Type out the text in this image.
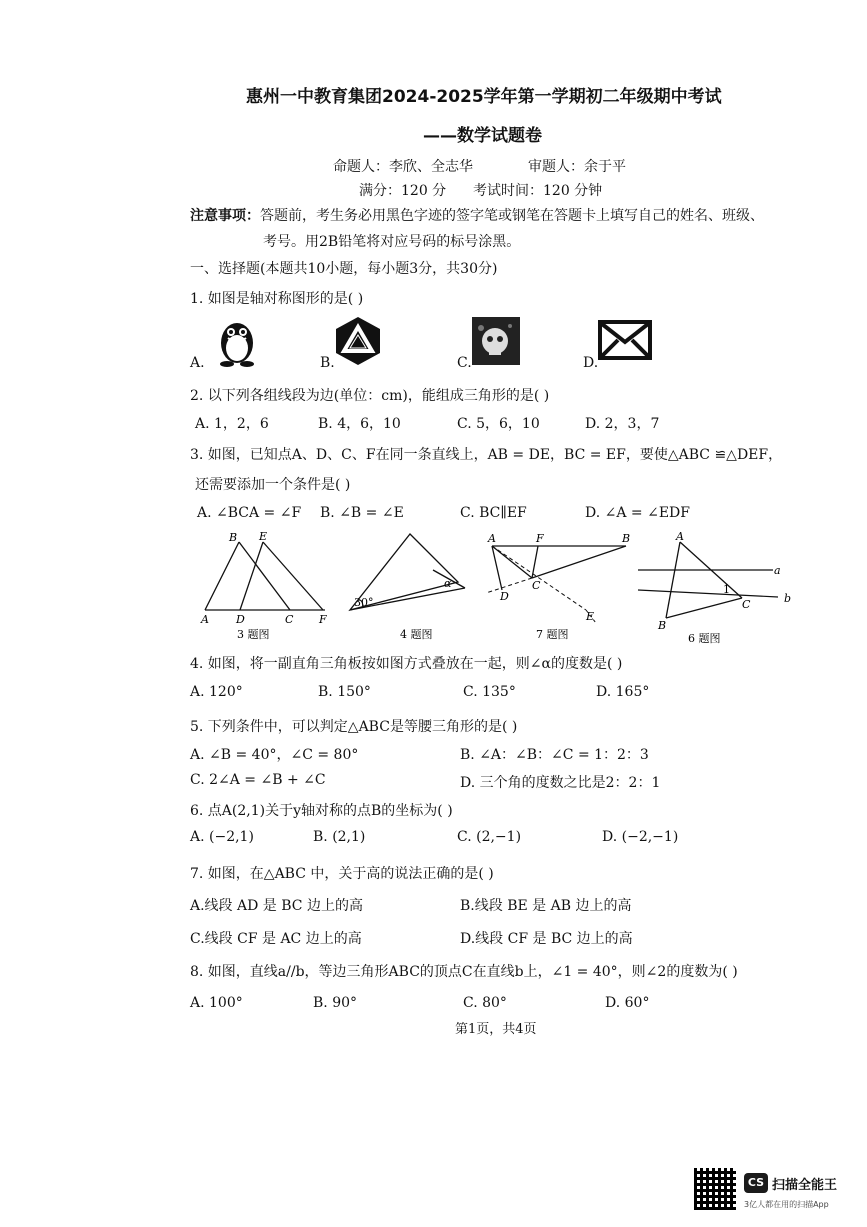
惠州一中教育集团2024-2025学年第一学期初二年级期中考试
——数学试题卷
命题人：李欣、全志华	审题人：余于平
满分：120 分 考试时间：120 分钟
注意事项： 答题前，考生务必用黑色字迹的签字笔或钢笔在答题卡上填写自己的姓名、班级、
考号。用2B铅笔将对应号码的标号涂黑。
一、选择题(本题共10小题，每小题3分，共30分)
1. 如图是轴对称图形的是( )
A.	B.	C.	D.
2. 以下列各组线段为边(单位：cm)，能组成三角形的是( )
A. 1，2，6	B. 4，6，10	C. 5，6，10	D. 2，3，7
3. 如图，已知点A、D、C、F在同一条直线上，AB = DE，BC = EF，要使△ABC ≌△DEF，
还需要添加一个条件是( )
A. ∠BCA = ∠F B. ∠B = ∠E	C. BC∥EF	D. ∠A = ∠EDF
A D	C F
B E
3 题图
30°
α
4 题图
A	F	B
C
D
E
7 题图
A
a
1
C	b
B
6 题图
4. 如图，将一副直角三角板按如图方式叠放在一起，则∠α的度数是( )
A. 120°	B. 150°	C. 135°	D. 165°
5. 下列条件中，可以判定△ABC是等腰三角形的是( )
A. ∠B = 40°，∠C = 80°	B. ∠A：∠B：∠C = 1：2：3
C. 2∠A = ∠B + ∠C	D. 三个角的度数之比是2：2：1
6. 点A(2,1)关于y轴对称的点B的坐标为( )
A. (−2,1)	B. (2,1)	C. (2,−1)	D. (−2,−1)
7. 如图，在△ABC 中，关于高的说法正确的是( )
A.线段 AD 是 BC 边上的高	B.线段 BE 是 AB 边上的高
C.线段 CF 是 AC 边上的高	D.线段 CF 是 BC 边上的高
8. 如图，直线a//b，等边三角形ABC的顶点C在直线b上，∠1 = 40°，则∠2的度数为( )
A. 100°	B. 90°	C. 80°	D. 60°
第1页，共4页
CS 扫描全能王
3亿人都在用的扫描App
